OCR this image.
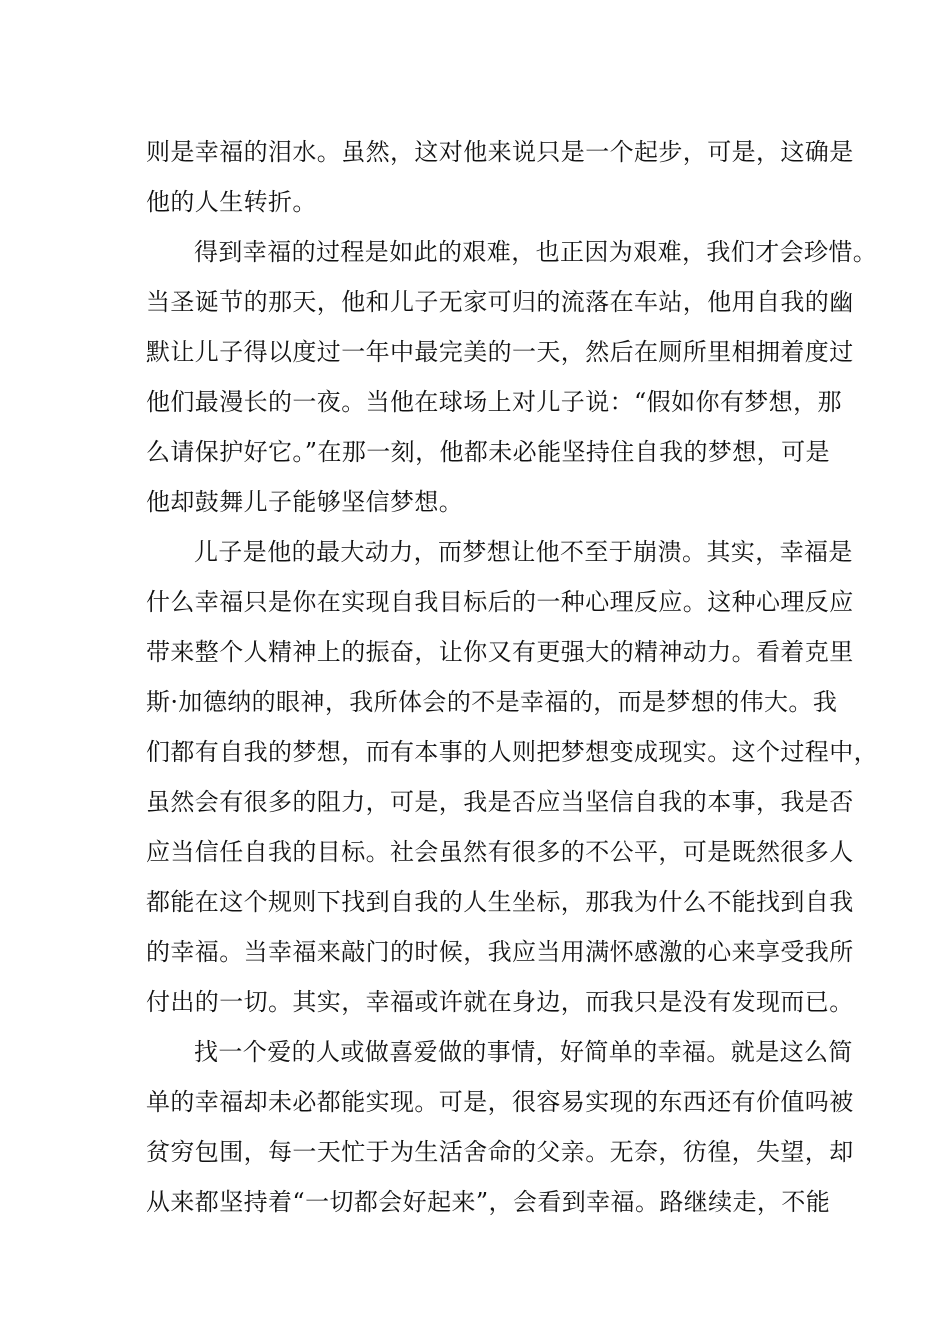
则是幸福的泪水。虽然，这对他来说只是一个起步，可是，这确是
他的人生转折。
得到幸福的过程是如此的艰难，也正因为艰难，我们才会珍惜。
当圣诞节的那天，他和儿子无家可归的流落在车站，他用自我的幽
默让儿子得以度过一年中最完美的一天，然后在厕所里相拥着度过
他们最漫长的一夜。当他在球场上对儿子说：“假如你有梦想，那
么请保护好它。”在那一刻，他都未必能坚持住自我的梦想，可是
他却鼓舞儿子能够坚信梦想。
儿子是他的最大动力，而梦想让他不至于崩溃。其实，幸福是
什么幸福只是你在实现自我目标后的一种心理反应。这种心理反应
带来整个人精神上的振奋，让你又有更强大的精神动力。看着克里
斯·加德纳的眼神，我所体会的不是幸福的，而是梦想的伟大。我
们都有自我的梦想，而有本事的人则把梦想变成现实。这个过程中，
虽然会有很多的阻力，可是，我是否应当坚信自我的本事，我是否
应当信任自我的目标。社会虽然有很多的不公平，可是既然很多人
都能在这个规则下找到自我的人生坐标，那我为什么不能找到自我
的幸福。当幸福来敲门的时候，我应当用满怀感激的心来享受我所
付出的一切。其实，幸福或许就在身边，而我只是没有发现而已。
找一个爱的人或做喜爱做的事情，好简单的幸福。就是这么简
单的幸福却未必都能实现。可是，很容易实现的东西还有价值吗被
贫穷包围，每一天忙于为生活舍命的父亲。无奈，彷徨，失望，却
从来都坚持着“一切都会好起来”，会看到幸福。路继续走，不能
